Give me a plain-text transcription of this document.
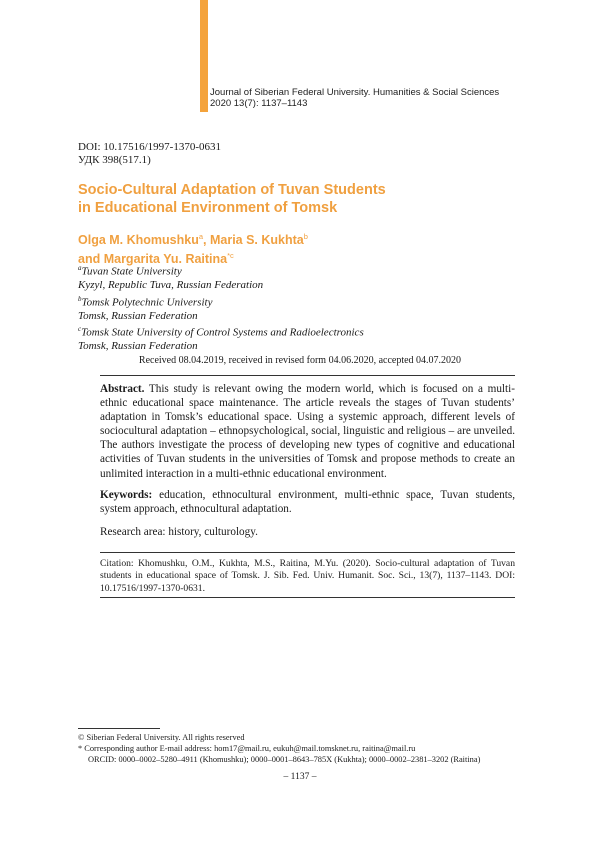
Journal of Siberian Federal University. Humanities & Social Sciences
2020 13(7): 1137–1143
DOI: 10.17516/1997-1370-0631
УДК 398(517.1)
Socio-Cultural Adaptation of Tuvan Students
in Educational Environment of Tomsk
Olga M. Khomushku$^a$, Maria S. Kukhta$^b$
and Margarita Yu. Raitina$^{*c}$
$^a$Tuvan State University
Kyzyl, Republic Tuva, Russian Federation
$^b$Tomsk Polytechnic University
Tomsk, Russian Federation
$^c$Tomsk State University of Control Systems and Radioelectronics
Tomsk, Russian Federation
Received 08.04.2019, received in revised form 04.06.2020, accepted 04.07.2020
Abstract. This study is relevant owing the modern world, which is focused on a multi-ethnic educational space maintenance. The article reveals the stages of Tuvan students’ adaptation in Tomsk’s educational space. Using a systemic approach, different levels of sociocultural adaptation – ethnopsychological, social, linguistic and religious – are unveiled. The authors investigate the process of developing new types of cognitive and educational activities of Tuvan students in the universities of Tomsk and propose methods to create an unlimited interaction in a multi-ethnic educational environment.
Keywords: education, ethnocultural environment, multi-ethnic space, Tuvan students, system approach, ethnocultural adaptation.
Research area: history, culturology.
Citation: Khomushku, O.M., Kukhta, M.S., Raitina, M.Yu. (2020). Socio-cultural adaptation of Tuvan students in educational space of Tomsk. J. Sib. Fed. Univ. Humanit. Soc. Sci., 13(7), 1137–1143. DOI: 10.17516/1997-1370-0631.
© Siberian Federal University. All rights reserved
* Corresponding author E-mail address: hom17@mail.ru, eukuh@mail.tomsknet.ru, raitina@mail.ru
ORCID: 0000–0002–5280–4911 (Khomushku); 0000–0001–8643–785X (Kukhta); 0000–0002–2381–3202 (Raitina)
– 1137 –
